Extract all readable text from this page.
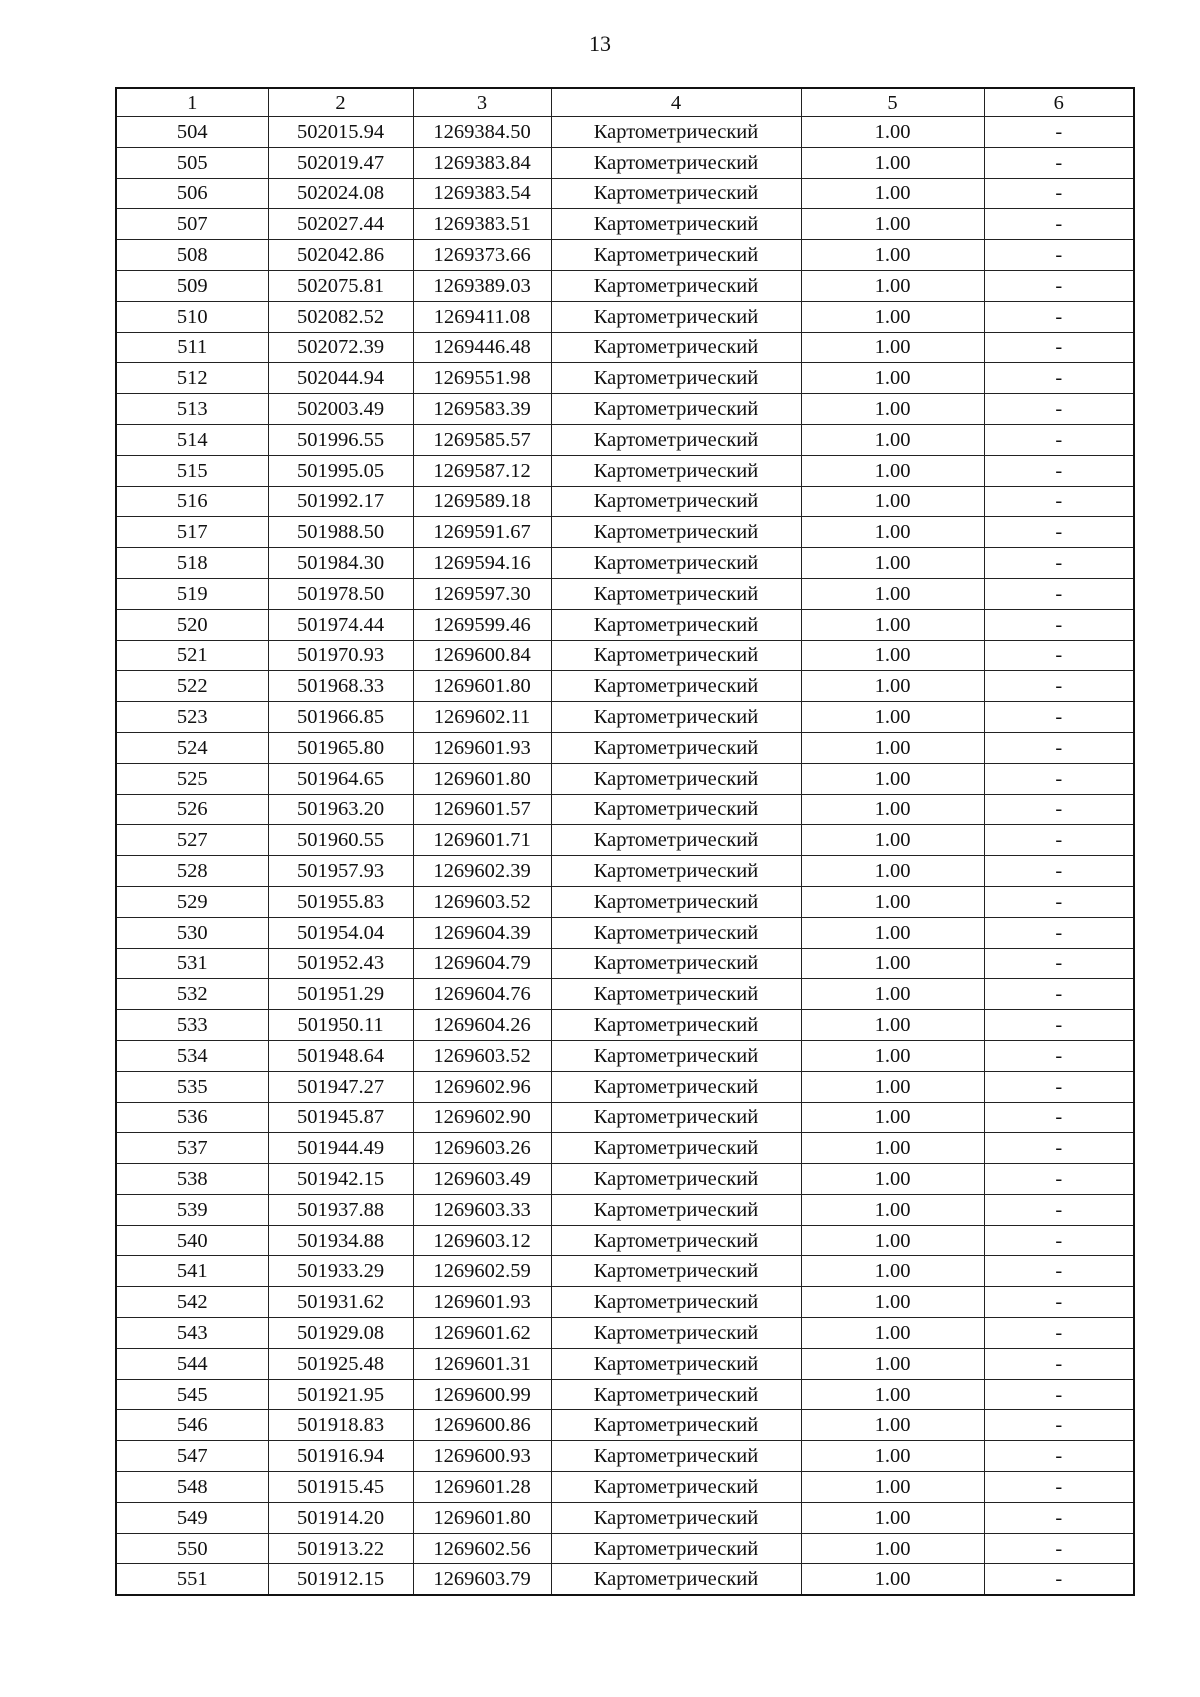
13
1	2	3	4	5	6
504	502015.94	1269384.50	Картометрический	1.00	-
505	502019.47	1269383.84	Картометрический	1.00	-
506	502024.08	1269383.54	Картометрический	1.00	-
507	502027.44	1269383.51	Картометрический	1.00	-
508	502042.86	1269373.66	Картометрический	1.00	-
509	502075.81	1269389.03	Картометрический	1.00	-
510	502082.52	1269411.08	Картометрический	1.00	-
511	502072.39	1269446.48	Картометрический	1.00	-
512	502044.94	1269551.98	Картометрический	1.00	-
513	502003.49	1269583.39	Картометрический	1.00	-
514	501996.55	1269585.57	Картометрический	1.00	-
515	501995.05	1269587.12	Картометрический	1.00	-
516	501992.17	1269589.18	Картометрический	1.00	-
517	501988.50	1269591.67	Картометрический	1.00	-
518	501984.30	1269594.16	Картометрический	1.00	-
519	501978.50	1269597.30	Картометрический	1.00	-
520	501974.44	1269599.46	Картометрический	1.00	-
521	501970.93	1269600.84	Картометрический	1.00	-
522	501968.33	1269601.80	Картометрический	1.00	-
523	501966.85	1269602.11	Картометрический	1.00	-
524	501965.80	1269601.93	Картометрический	1.00	-
525	501964.65	1269601.80	Картометрический	1.00	-
526	501963.20	1269601.57	Картометрический	1.00	-
527	501960.55	1269601.71	Картометрический	1.00	-
528	501957.93	1269602.39	Картометрический	1.00	-
529	501955.83	1269603.52	Картометрический	1.00	-
530	501954.04	1269604.39	Картометрический	1.00	-
531	501952.43	1269604.79	Картометрический	1.00	-
532	501951.29	1269604.76	Картометрический	1.00	-
533	501950.11	1269604.26	Картометрический	1.00	-
534	501948.64	1269603.52	Картометрический	1.00	-
535	501947.27	1269602.96	Картометрический	1.00	-
536	501945.87	1269602.90	Картометрический	1.00	-
537	501944.49	1269603.26	Картометрический	1.00	-
538	501942.15	1269603.49	Картометрический	1.00	-
539	501937.88	1269603.33	Картометрический	1.00	-
540	501934.88	1269603.12	Картометрический	1.00	-
541	501933.29	1269602.59	Картометрический	1.00	-
542	501931.62	1269601.93	Картометрический	1.00	-
543	501929.08	1269601.62	Картометрический	1.00	-
544	501925.48	1269601.31	Картометрический	1.00	-
545	501921.95	1269600.99	Картометрический	1.00	-
546	501918.83	1269600.86	Картометрический	1.00	-
547	501916.94	1269600.93	Картометрический	1.00	-
548	501915.45	1269601.28	Картометрический	1.00	-
549	501914.20	1269601.80	Картометрический	1.00	-
550	501913.22	1269602.56	Картометрический	1.00	-
551	501912.15	1269603.79	Картометрический	1.00	-
